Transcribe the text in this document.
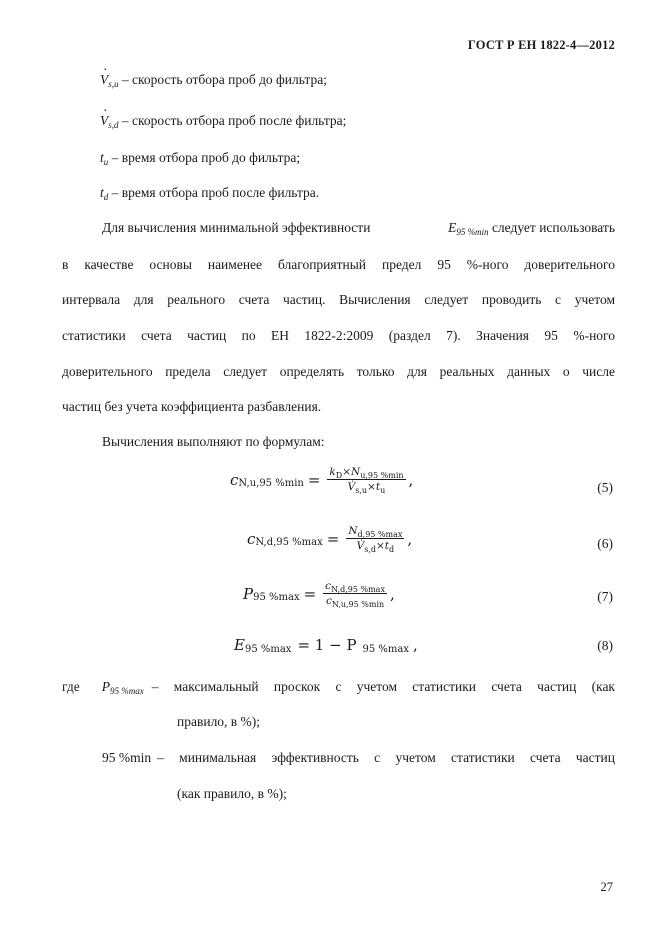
ГОСТ Р ЕН 1822-4—2012
· $V_{s,u}$ – скорость отбора проб до фильтра;
· $V_{s,d}$ – скорость отбора проб после фильтра;
$t_u$ – время отбора проб до фильтра;
$t_d$ – время отбора проб после фильтра.
Для вычисления минимальной эффективности	$E_{95 \%min}$ следует использовать
в качестве основы наименее благоприятный предел 95 %-ного доверительного
интервала для реального счета частиц. Вычисления следует проводить с учетом
статистики счета частиц по ЕН 1822-2:2009 (раздел 7). Значения 95 %-ного
доверительного предела следует определять только для реальных данных о числе
частиц без учета коэффициента разбавления.
Вычисления выполняют по формулам:
c N,u,95 $\%\min = \frac{k_D\times N_{u,95 \%min}}{V̇_{s,u}\times t_u}$ ,	(5)
c N,d,95 $\%\max = \frac{N_{d,95 \%max}}{V̇_{s,d}\times t_d}$ ,	(6)
P 95 $\%\max = \frac{c_{N,d,95 \%max}}{c_{N,u,95 \%min}}$ ,	(7)
E 95 %max = 1 − P 95 %max ,	(8)
где $P_{95 \%max}$ – максимальный проскок с учетом статистики счета частиц (как
правило, в %);
95 %min – минимальная эффективность с учетом статистики счета частиц
(как правило, в %);
27
